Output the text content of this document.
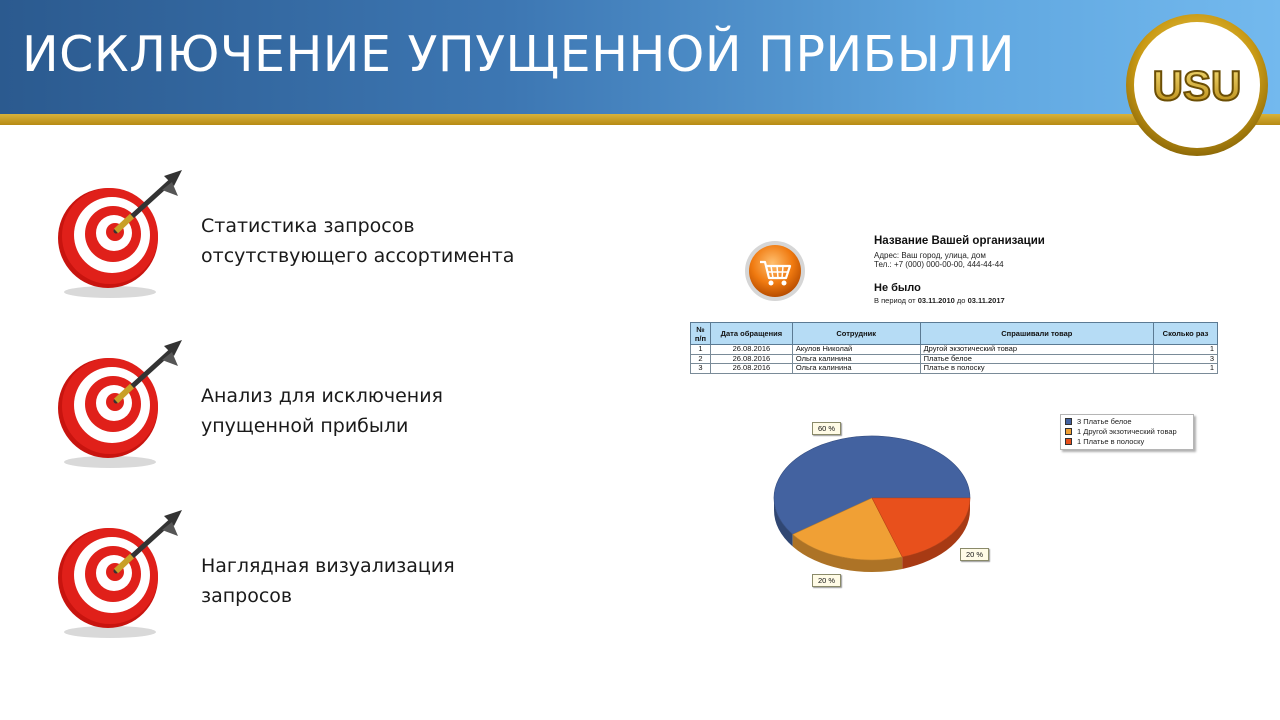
ИСКЛЮЧЕНИЕ УПУЩЕННОЙ ПРИБЫЛИ
USU
Статистика запросов
отсутствующего ассортимента
Анализ для исключения
упущенной прибыли
Наглядная визуализация
запросов
Название Вашей организации
Адрес: Ваш город, улица, дом
Тел.: +7 (000) 000-00-00, 444-44-44
Не было
В период от 03.11.2010 до 03.11.2017
№ п/п	Дата обращения	Сотрудник	Спрашивали товар	Сколько раз
1	26.08.2016	Акулов Николай	Другой экзотический товар	1
2	26.08.2016	Ольга калинина	Платье белое	3
3	26.08.2016	Ольга калинина	Платье в полоску	1
60 %
20 %
20 %
3 Платье белое
1 Другой экзотический товар
1 Платье в полоску
